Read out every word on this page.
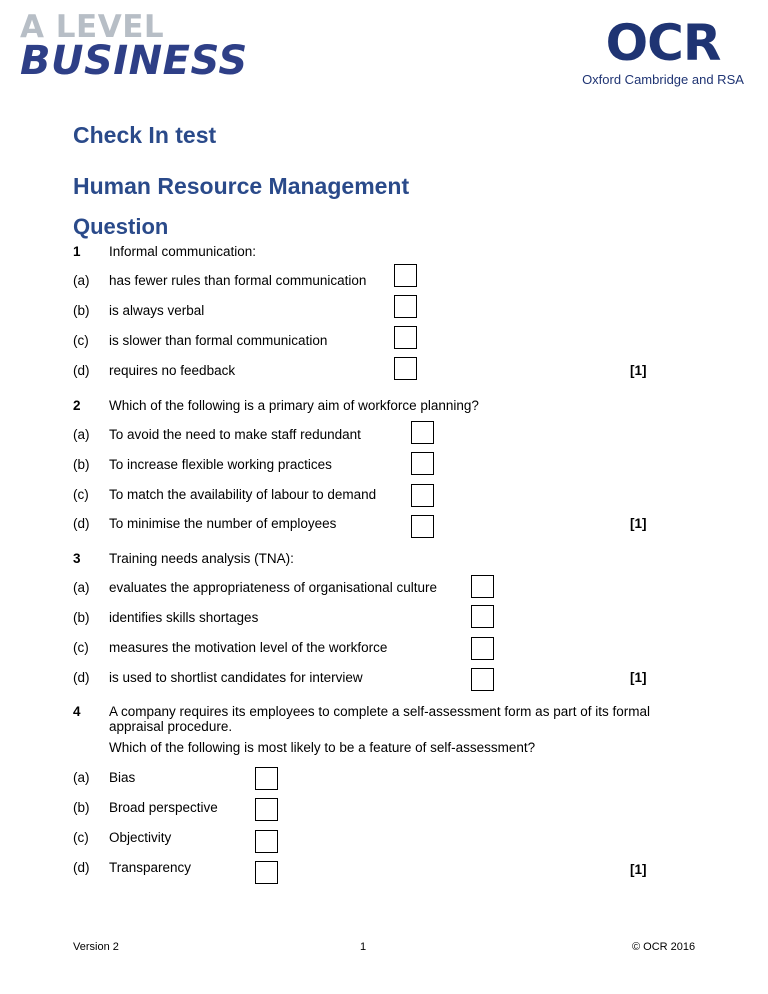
A LEVEL
BUSINESS	OCR
Oxford Cambridge and RSA
Check In test
Human Resource Management
Question
1 Informal communication:
(a) has fewer rules than formal communication
(b) is always verbal
(c) is slower than formal communication
(d) requires no feedback	[1]
2 Which of the following is a primary aim of workforce planning?
(a) To avoid the need to make staff redundant
(b) To increase flexible working practices
(c) To match the availability of labour to demand
(d) To minimise the number of employees	[1]
3 Training needs analysis (TNA):
(a) evaluates the appropriateness of organisational culture
(b) identifies skills shortages
(c) measures the motivation level of the workforce
(d) is used to shortlist candidates for interview	[1]
4 A company requires its employees to complete a self-assessment form as part of its formal
appraisal procedure.
Which of the following is most likely to be a feature of self-assessment?
(a) Bias
(b) Broad perspective
(c) Objectivity
(d) Transparency	[1]
Version 2	1	© OCR 2016
